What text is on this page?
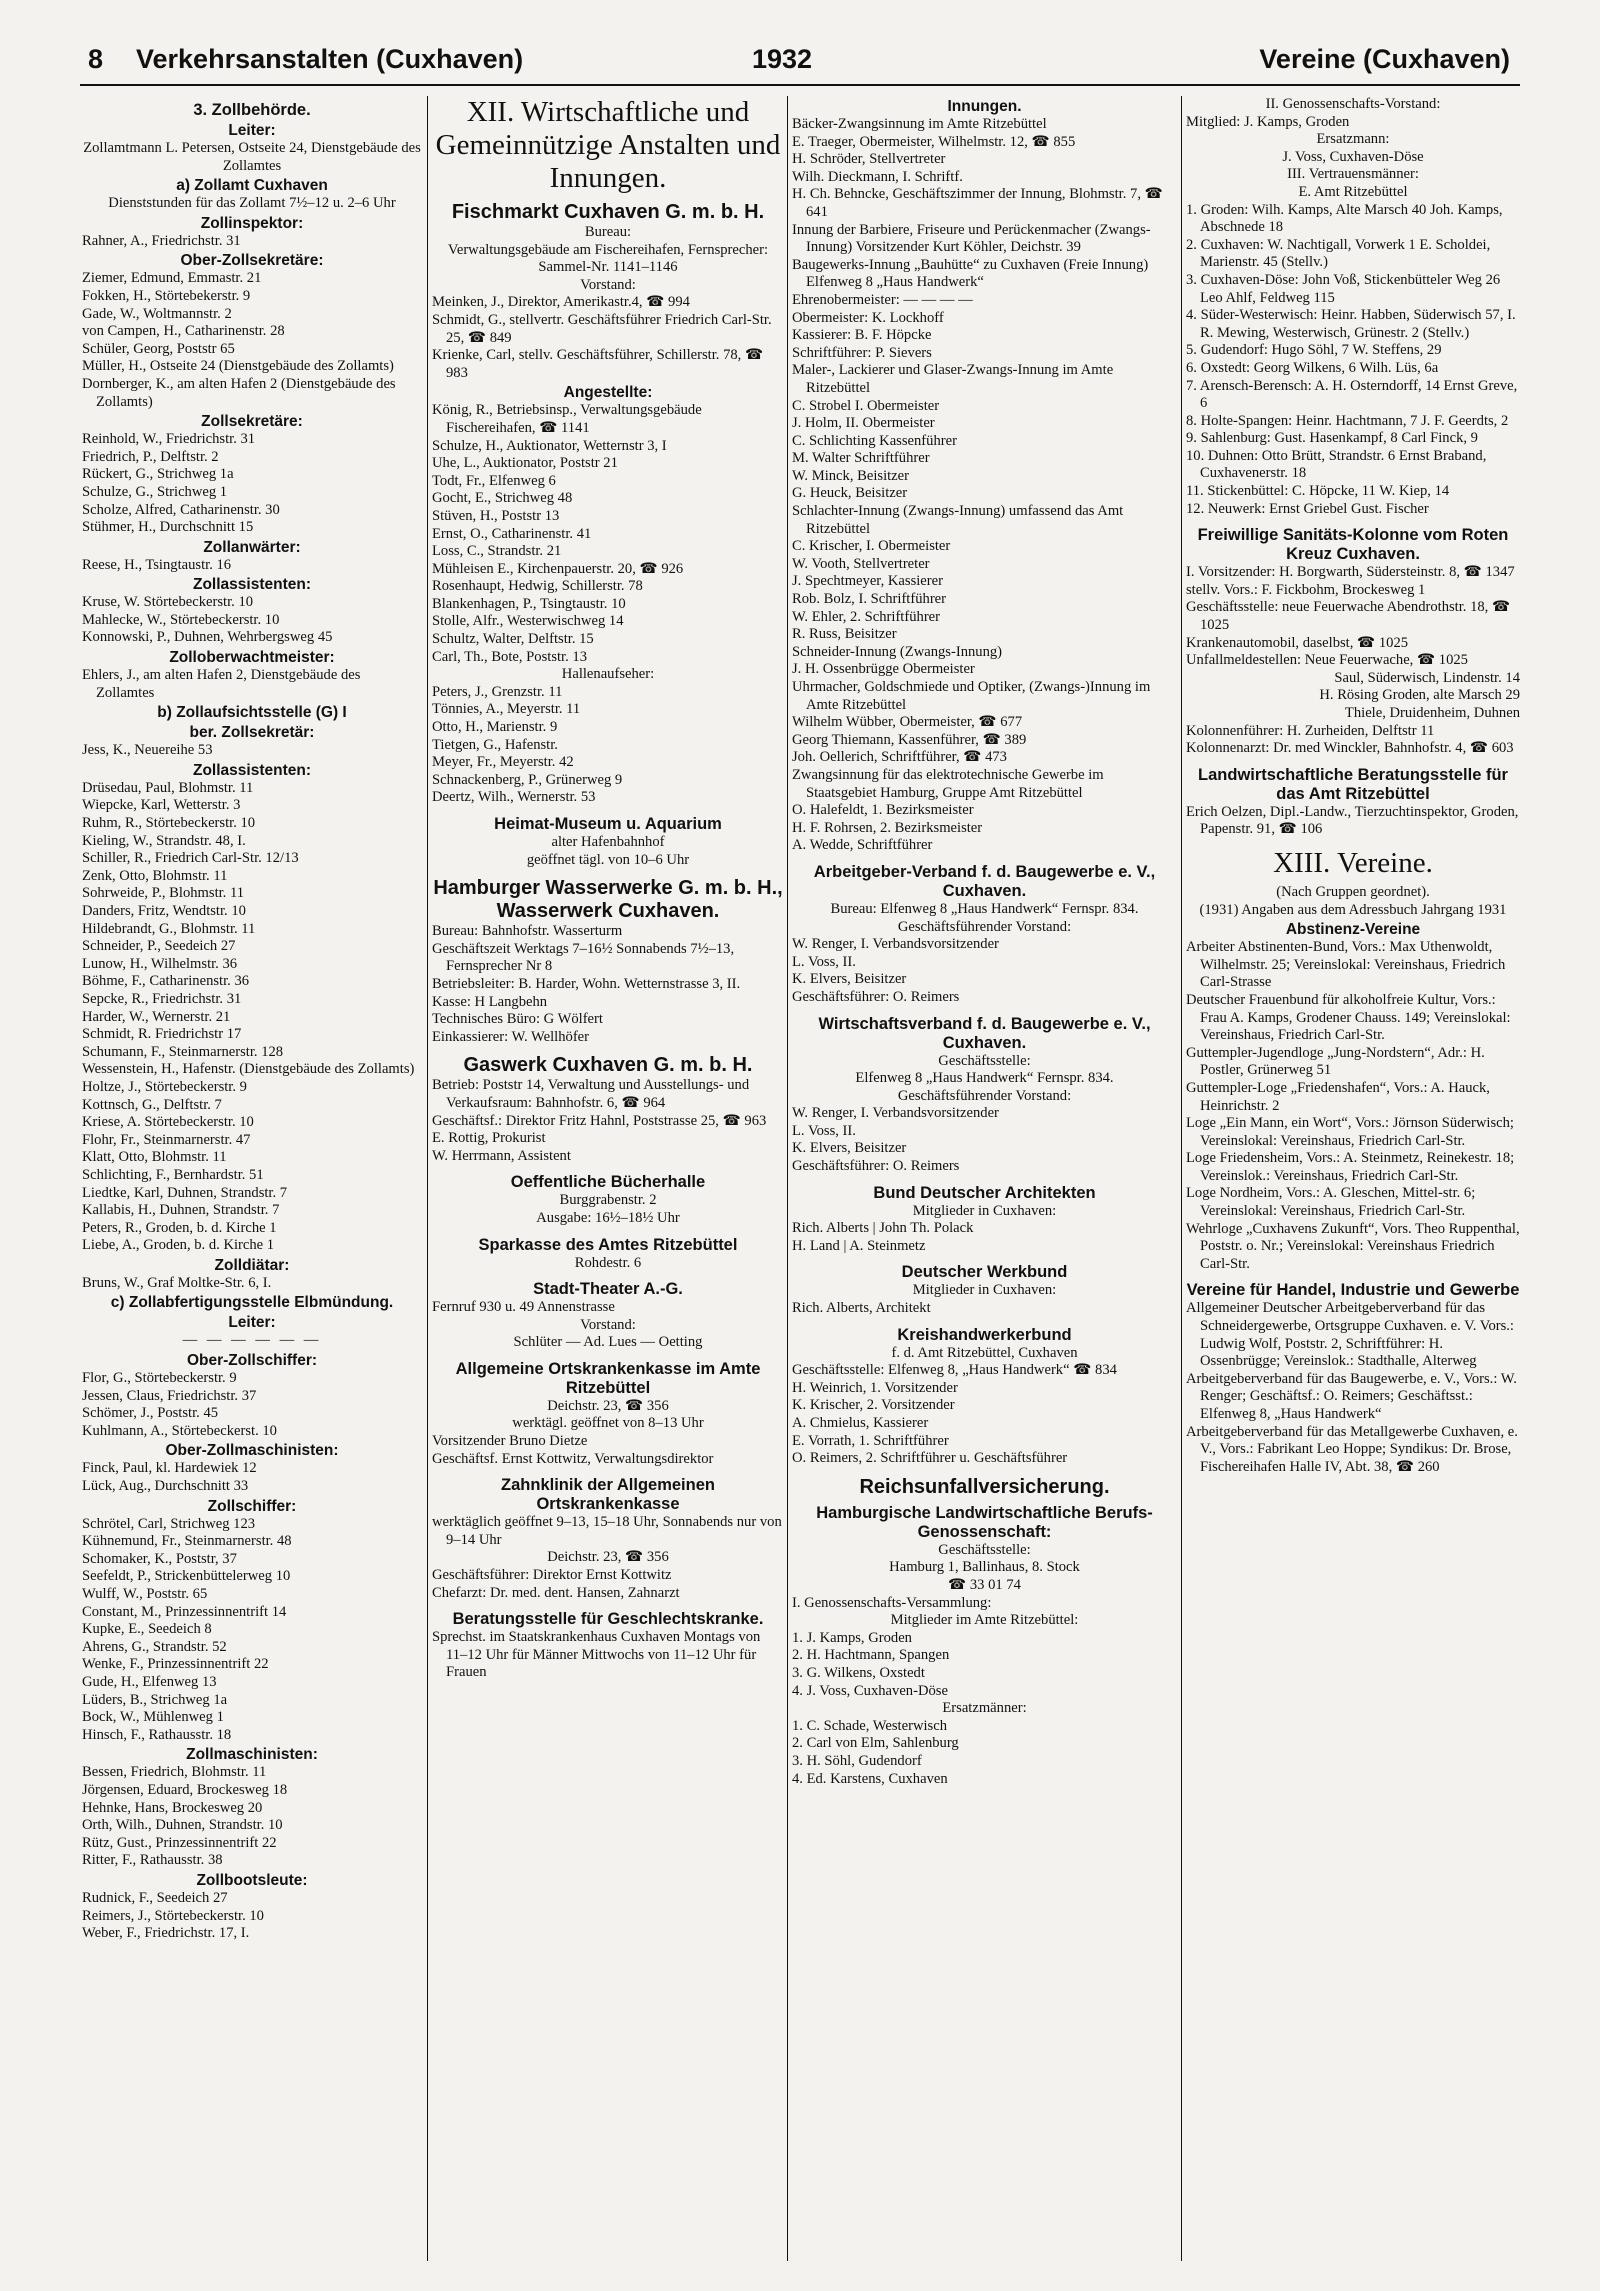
8 Verkehrsanstalten (Cuxhaven)	1932	Vereine (Cuxhaven)

3. Zollbehörde.

Leiter:

Zollamtmann L. Petersen, Ostseite 24, Dienstgebäude des Zollamtes

a) Zollamt Cuxhaven

Dienststunden für das Zollamt 7½–12 u. 2–6 Uhr

Zollinspektor:

Rahner, A., Friedrichstr. 31

Ober-Zollsekretäre:

Ziemer, Edmund, Emmastr. 21

Fokken, H., Störtebekerstr. 9

Gade, W., Woltmannstr. 2

von Campen, H., Catharinenstr. 28

Schüler, Georg, Poststr 65

Müller, H., Ostseite 24 (Dienstgebäude des Zollamts)

Dornberger, K., am alten Hafen 2 (Dienstgebäude des Zollamts)

Zollsekretäre:

Reinhold, W., Friedrichstr. 31

Friedrich, P., Delftstr. 2

Rückert, G., Strichweg 1a

Schulze, G., Strichweg 1

Scholze, Alfred, Catharinenstr. 30

Stühmer, H., Durchschnitt 15

Zollanwärter:

Reese, H., Tsingtaustr. 16

Zollassistenten:

Kruse, W. Störtebeckerstr. 10

Mahlecke, W., Störtebeckerstr. 10

Konnowski, P., Duhnen, Wehrbergsweg 45

Zolloberwachtmeister:

Ehlers, J., am alten Hafen 2, Dienstgebäude des Zollamtes

b) Zollaufsichtsstelle (G) I

ber. Zollsekretär:

Jess, K., Neuereihe 53

Zollassistenten:

Drüsedau, Paul, Blohmstr. 11

Wiepcke, Karl, Wetterstr. 3

Ruhm, R., Störtebeckerstr. 10

Kieling, W., Strandstr. 48, I.

Schiller, R., Friedrich Carl-Str. 12/13

Zenk, Otto, Blohmstr. 11

Sohrweide, P., Blohmstr. 11

Danders, Fritz, Wendtstr. 10

Hildebrandt, G., Blohmstr. 11

Schneider, P., Seedeich 27

Lunow, H., Wilhelmstr. 36

Böhme, F., Catharinenstr. 36

Sepcke, R., Friedrichstr. 31

Harder, W., Wernerstr. 21

Schmidt, R. Friedrichstr 17

Schumann, F., Steinmarnerstr. 128

Wessenstein, H., Hafenstr. (Dienstgebäude des Zollamts)

Holtze, J., Störtebeckerstr. 9

Kottnsch, G., Delftstr. 7

Kriese, A. Störtebeckerstr. 10

Flohr, Fr., Steinmarnerstr. 47

Klatt, Otto, Blohmstr. 11

Schlichting, F., Bernhardstr. 51

Liedtke, Karl, Duhnen, Strandstr. 7

Kallabis, H., Duhnen, Strandstr. 7

Peters, R., Groden, b. d. Kirche 1

Liebe, A., Groden, b. d. Kirche 1

Zolldiätar:

Bruns, W., Graf Moltke-Str. 6, I.

c) Zollabfertigungsstelle Elbmündung.

Leiter:

— — — — — —

Ober-Zollschiffer:

Flor, G., Störtebeckerstr. 9

Jessen, Claus, Friedrichstr. 37

Schömer, J., Poststr. 45

Kuhlmann, A., Störtebeckerst. 10

Ober-Zollmaschinisten:

Finck, Paul, kl. Hardewiek 12

Lück, Aug., Durchschnitt 33

Zollschiffer:

Schrötel, Carl, Strichweg 123

Kühnemund, Fr., Steinmarnerstr. 48

Schomaker, K., Poststr, 37

Seefeldt, P., Strickenbüttelerweg 10

Wulff, W., Poststr. 65

Constant, M., Prinzessinnentrift 14

Kupke, E., Seedeich 8

Ahrens, G., Strandstr. 52

Wenke, F., Prinzessinnentrift 22

Gude, H., Elfenweg 13

Lüders, B., Strichweg 1a

Bock, W., Mühlenweg 1

Hinsch, F., Rathausstr. 18

Zollmaschinisten:

Bessen, Friedrich, Blohmstr. 11

Jörgensen, Eduard, Brockesweg 18

Hehnke, Hans, Brockesweg 20

Orth, Wilh., Duhnen, Strandstr. 10

Rütz, Gust., Prinzessinnentrift 22

Ritter, F., Rathausstr. 38

Zollbootsleute:

Rudnick, F., Seedeich 27

Reimers, J., Störtebeckerstr. 10

Weber, F., Friedrichstr. 17, I.

XII. Wirtschaftliche und Gemeinnützige Anstalten und Innungen.

Fischmarkt Cuxhaven G. m. b. H.

Bureau:

Verwaltungsgebäude am Fischereihafen, Fernsprecher: Sammel-Nr. 1141–1146

Vorstand:

Meinken, J., Direktor, Amerikastr.4, ☎ 994

Schmidt, G., stellvertr. Geschäftsführer Friedrich Carl-Str. 25, ☎ 849

Krienke, Carl, stellv. Geschäftsführer, Schillerstr. 78, ☎ 983

Angestellte:

König, R., Betriebsinsp., Verwaltungsgebäude Fischereihafen, ☎ 1141

Schulze, H., Auktionator, Wetternstr 3, I

Uhe, L., Auktionator, Poststr 21

Todt, Fr., Elfenweg 6

Gocht, E., Strichweg 48

Stüven, H., Poststr 13

Ernst, O., Catharinenstr. 41

Loss, C., Strandstr. 21

Mühleisen E., Kirchenpauerstr. 20, ☎ 926

Rosenhaupt, Hedwig, Schillerstr. 78

Blankenhagen, P., Tsingtaustr. 10

Stolle, Alfr., Westerwischweg 14

Schultz, Walter, Delftstr. 15

Carl, Th., Bote, Poststr. 13

Hallenaufseher:

Peters, J., Grenzstr. 11

Tönnies, A., Meyerstr. 11

Otto, H., Marienstr. 9

Tietgen, G., Hafenstr.

Meyer, Fr., Meyerstr. 42

Schnackenberg, P., Grünerweg 9

Deertz, Wilh., Wernerstr. 53

Heimat-Museum u. Aquarium

alter Hafenbahnhof

geöffnet tägl. von 10–6 Uhr

Hamburger Wasserwerke G. m. b. H., Wasserwerk Cuxhaven.

Bureau: Bahnhofstr. Wasserturm

Geschäftszeit Werktags 7–16½ Sonnabends 7½–13, Fernsprecher Nr 8

Betriebsleiter: B. Harder, Wohn. Wetternstrasse 3, II.

Kasse: H Langbehn

Technisches Büro: G Wölfert

Einkassierer: W. Wellhöfer

Gaswerk Cuxhaven G. m. b. H.

Betrieb: Poststr 14, Verwaltung und Ausstellungs- und Verkaufsraum: Bahnhofstr. 6, ☎ 964

Geschäftsf.: Direktor Fritz Hahnl, Poststrasse 25, ☎ 963

E. Rottig, Prokurist

W. Herrmann, Assistent

Oeffentliche Bücherhalle

Burggrabenstr. 2

Ausgabe: 16½–18½ Uhr

Sparkasse des Amtes Ritzebüttel

Rohdestr. 6

Stadt-Theater A.-G.

Fernruf 930 u. 49 Annenstrasse

Vorstand:

Schlüter — Ad. Lues — Oetting

Allgemeine Ortskrankenkasse im Amte Ritzebüttel

Deichstr. 23, ☎ 356

werktägl. geöffnet von 8–13 Uhr

Vorsitzender Bruno Dietze

Geschäftsf. Ernst Kottwitz, Verwaltungsdirektor

Zahnklinik der Allgemeinen Ortskrankenkasse

werktäglich geöffnet 9–13, 15–18 Uhr, Sonnabends nur von 9–14 Uhr

Deichstr. 23, ☎ 356

Geschäftsführer: Direktor Ernst Kottwitz

Chefarzt: Dr. med. dent. Hansen, Zahnarzt

Beratungsstelle für Geschlechtskranke.

Sprechst. im Staatskrankenhaus Cuxhaven Montags von 11–12 Uhr für Männer Mittwochs von 11–12 Uhr für Frauen

Innungen.

Bäcker-Zwangsinnung im Amte Ritzebüttel

E. Traeger, Obermeister, Wilhelmstr. 12, ☎ 855

H. Schröder, Stellvertreter

Wilh. Dieckmann, I. Schriftf.

H. Ch. Behncke, Geschäftszimmer der Innung, Blohmstr. 7, ☎ 641

Innung der Barbiere, Friseure und Perückenmacher (Zwangs-Innung) Vorsitzender Kurt Köhler, Deichstr. 39

Baugewerks-Innung „Bauhütte“ zu Cuxhaven (Freie Innung) Elfenweg 8 „Haus Handwerk“

Ehrenobermeister: — — — —

Obermeister: K. Lockhoff

Kassierer: B. F. Höpcke

Schriftführer: P. Sievers

Maler-, Lackierer und Glaser-Zwangs-Innung im Amte Ritzebüttel

C. Strobel I. Obermeister

J. Holm, II. Obermeister

C. Schlichting Kassenführer

M. Walter Schriftführer

W. Minck, Beisitzer

G. Heuck, Beisitzer

Schlachter-Innung (Zwangs-Innung) umfassend das Amt Ritzebüttel

C. Krischer, I. Obermeister

W. Vooth, Stellvertreter

J. Spechtmeyer, Kassierer

Rob. Bolz, I. Schriftführer

W. Ehler, 2. Schriftführer

R. Russ, Beisitzer

Schneider-Innung (Zwangs-Innung)

J. H. Ossenbrügge Obermeister

Uhrmacher, Goldschmiede und Optiker, (Zwangs-)Innung im Amte Ritzebüttel

Wilhelm Wübber, Obermeister, ☎ 677

Georg Thiemann, Kassenführer, ☎ 389

Joh. Oellerich, Schriftführer, ☎ 473

Zwangsinnung für das elektrotechnische Gewerbe im Staatsgebiet Hamburg, Gruppe Amt Ritzebüttel

O. Halefeldt, 1. Bezirksmeister

H. F. Rohrsen, 2. Bezirksmeister

A. Wedde, Schriftführer

Arbeitgeber-Verband f. d. Baugewerbe e. V., Cuxhaven.

Bureau: Elfenweg 8 „Haus Handwerk“ Fernspr. 834.

Geschäftsführender Vorstand:

W. Renger, I. Verbandsvorsitzender

L. Voss, II.

K. Elvers, Beisitzer

Geschäftsführer: O. Reimers

Wirtschaftsverband f. d. Baugewerbe e. V., Cuxhaven.

Geschäftsstelle:

Elfenweg 8 „Haus Handwerk“ Fernspr. 834.

Geschäftsführender Vorstand:

W. Renger, I. Verbandsvorsitzender

L. Voss, II.

K. Elvers, Beisitzer

Geschäftsführer: O. Reimers

Bund Deutscher Architekten

Mitglieder in Cuxhaven:

Rich. Alberts | John Th. Polack

H. Land | A. Steinmetz

Deutscher Werkbund

Mitglieder in Cuxhaven:

Rich. Alberts, Architekt

Kreishandwerkerbund

f. d. Amt Ritzebüttel, Cuxhaven

Geschäftsstelle: Elfenweg 8, „Haus Handwerk“ ☎ 834

H. Weinrich, 1. Vorsitzender

K. Krischer, 2. Vorsitzender

A. Chmielus, Kassierer

E. Vorrath, 1. Schriftführer

O. Reimers, 2. Schriftführer u. Geschäftsführer

Reichsunfallversicherung.

Hamburgische Landwirtschaftliche Berufs-Genossenschaft:

Geschäftsstelle:

Hamburg 1, Ballinhaus, 8. Stock

☎ 33 01 74

I. Genossenschafts-Versammlung:

Mitglieder im Amte Ritzebüttel:

1. J. Kamps, Groden

2. H. Hachtmann, Spangen

3. G. Wilkens, Oxstedt

4. J. Voss, Cuxhaven-Döse

Ersatzmänner:

1. C. Schade, Westerwisch

2. Carl von Elm, Sahlenburg

3. H. Söhl, Gudendorf

4. Ed. Karstens, Cuxhaven

II. Genossenschafts-Vorstand:

Mitglied: J. Kamps, Groden

Ersatzmann:

J. Voss, Cuxhaven-Döse

III. Vertrauensmänner:

E. Amt Ritzebüttel

1. Groden: Wilh. Kamps, Alte Marsch 40 Joh. Kamps, Abschnede 18

2. Cuxhaven: W. Nachtigall, Vorwerk 1 E. Scholdei, Marienstr. 45 (Stellv.)

3. Cuxhaven-Döse: John Voß, Stickenbütteler Weg 26 Leo Ahlf, Feldweg 115

4. Süder-Westerwisch: Heinr. Habben, Süderwisch 57, I. R. Mewing, Westerwisch, Grünestr. 2 (Stellv.)

5. Gudendorf: Hugo Söhl, 7 W. Steffens, 29

6. Oxstedt: Georg Wilkens, 6 Wilh. Lüs, 6a

7. Arensch-Berensch: A. H. Osterndorff, 14 Ernst Greve, 6

8. Holte-Spangen: Heinr. Hachtmann, 7 J. F. Geerdts, 2

9. Sahlenburg: Gust. Hasenkampf, 8 Carl Finck, 9

10. Duhnen: Otto Brütt, Strandstr. 6 Ernst Braband, Cuxhavenerstr. 18

11. Stickenbüttel: C. Höpcke, 11 W. Kiep, 14

12. Neuwerk: Ernst Griebel Gust. Fischer

Freiwillige Sanitäts-Kolonne vom Roten Kreuz Cuxhaven.

I. Vorsitzender: H. Borgwarth, Südersteinstr. 8, ☎ 1347

stellv. Vors.: F. Fickbohm, Brockesweg 1

Geschäftsstelle: neue Feuerwache Abendrothstr. 18, ☎ 1025

Krankenautomobil, daselbst, ☎ 1025

Unfallmeldestellen: Neue Feuerwache, ☎ 1025

Saul, Süderwisch, Lindenstr. 14

H. Rösing Groden, alte Marsch 29

Thiele, Druidenheim, Duhnen

Kolonnenführer: H. Zurheiden, Delftstr 11

Kolonnenarzt: Dr. med Winckler, Bahnhofstr. 4, ☎ 603

Landwirtschaftliche Beratungsstelle für das Amt Ritzebüttel

Erich Oelzen, Dipl.-Landw., Tierzuchtinspektor, Groden, Papenstr. 91, ☎ 106

XIII. Vereine.

(Nach Gruppen geordnet).

(1931) Angaben aus dem Adressbuch Jahrgang 1931

Abstinenz-Vereine

Arbeiter Abstinenten-Bund, Vors.: Max Uthenwoldt, Wilhelmstr. 25; Vereinslokal: Vereinshaus, Friedrich Carl-Strasse

Deutscher Frauenbund für alkoholfreie Kultur, Vors.: Frau A. Kamps, Grodener Chauss. 149; Vereinslokal: Vereinshaus, Friedrich Carl-Str.

Guttempler-Jugendloge „Jung-Nordstern“, Adr.: H. Postler, Grünerweg 51

Guttempler-Loge „Friedenshafen“, Vors.: A. Hauck, Heinrichstr. 2

Loge „Ein Mann, ein Wort“, Vors.: Jörnson Süderwisch; Vereinslokal: Vereinshaus, Friedrich Carl-Str.

Loge Friedensheim, Vors.: A. Steinmetz, Reinekestr. 18; Vereinslok.: Vereinshaus, Friedrich Carl-Str.

Loge Nordheim, Vors.: A. Gleschen, Mittel-str. 6; Vereinslokal: Vereinshaus, Friedrich Carl-Str.

Wehrloge „Cuxhavens Zukunft“, Vors. Theo Ruppenthal, Poststr. o. Nr.; Vereinslokal: Vereinshaus Friedrich Carl-Str.

Vereine für Handel, Industrie und Gewerbe

Allgemeiner Deutscher Arbeitgeberverband für das Schneidergewerbe, Ortsgruppe Cuxhaven. e. V. Vors.: Ludwig Wolf, Poststr. 2, Schriftführer: H. Ossenbrügge; Vereinslok.: Stadthalle, Alterweg

Arbeitgeberverband für das Baugewerbe, e. V., Vors.: W. Renger; Geschäftsf.: O. Reimers; Geschäftsst.: Elfenweg 8, „Haus Handwerk“

Arbeitgeberverband für das Metallgewerbe Cuxhaven, e. V., Vors.: Fabrikant Leo Hoppe; Syndikus: Dr. Brose, Fischereihafen Halle IV, Abt. 38, ☎ 260
